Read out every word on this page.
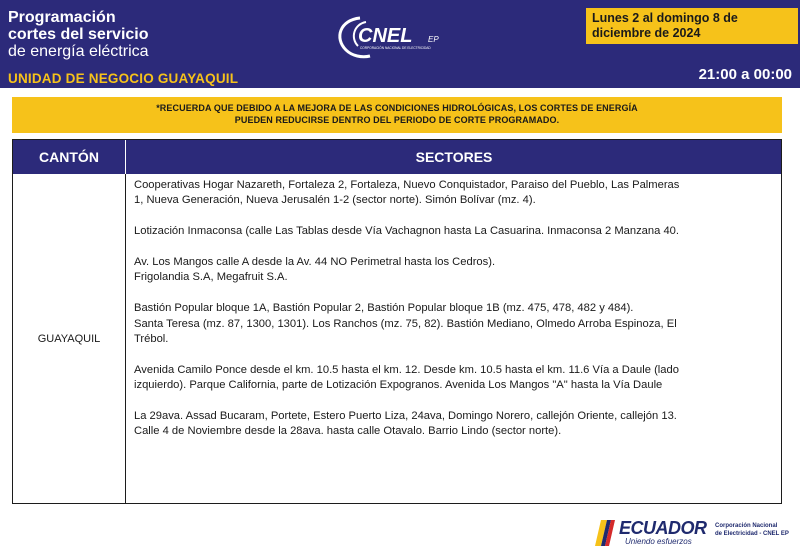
Programación
cortes del servicio
de energía eléctrica
CNEL EP
CORPORACIÓN NACIONAL DE ELECTRICIDAD
Lunes 2 al domingo 8 de diciembre de 2024
UNIDAD DE NEGOCIO GUAYAQUIL	21:00 a 00:00
*RECUERDA QUE DEBIDO A LA MEJORA DE LAS CONDICIONES HIDROLÓGICAS, LOS CORTES DE ENERGÍA
PUEDEN REDUCIRSE DENTRO DEL PERIODO DE CORTE PROGRAMADO.
CANTÓN	SECTORES
GUAYAQUIL
Cooperativas Hogar Nazareth, Fortaleza 2, Fortaleza, Nuevo Conquistador, Paraiso del Pueblo, Las Palmeras
1, Nueva Generación, Nueva Jerusalén 1-2 (sector norte). Simón Bolívar (mz. 4).
Lotización Inmaconsa (calle Las Tablas desde Vía Vachagnon hasta La Casuarina. Inmaconsa 2 Manzana 40.
Av. Los Mangos calle A desde la Av. 44 NO Perimetral hasta los Cedros).
Frigolandia S.A, Megafruit S.A.
Bastión Popular bloque 1A, Bastión Popular 2, Bastión Popular bloque 1B (mz. 475, 478, 482 y 484).
Santa Teresa (mz. 87, 1300, 1301). Los Ranchos (mz. 75, 82). Bastión Mediano, Olmedo Arroba Espinoza, El
Trébol.
Avenida Camilo Ponce desde el km. 10.5 hasta el km. 12. Desde km. 10.5 hasta el km. 11.6 Vía a Daule (lado
izquierdo). Parque California, parte de Lotización Expogranos. Avenida Los Mangos "A" hasta la Vía Daule
La 29ava. Assad Bucaram, Portete, Estero Puerto Liza, 24ava, Domingo Norero, callejón Oriente, callejón 13.
Calle 4 de Noviembre desde la 28ava. hasta calle Otavalo. Barrio Lindo (sector norte).
ECUADOR
Uniendo esfuerzos
Corporación Nacional
de Electricidad - CNEL EP
